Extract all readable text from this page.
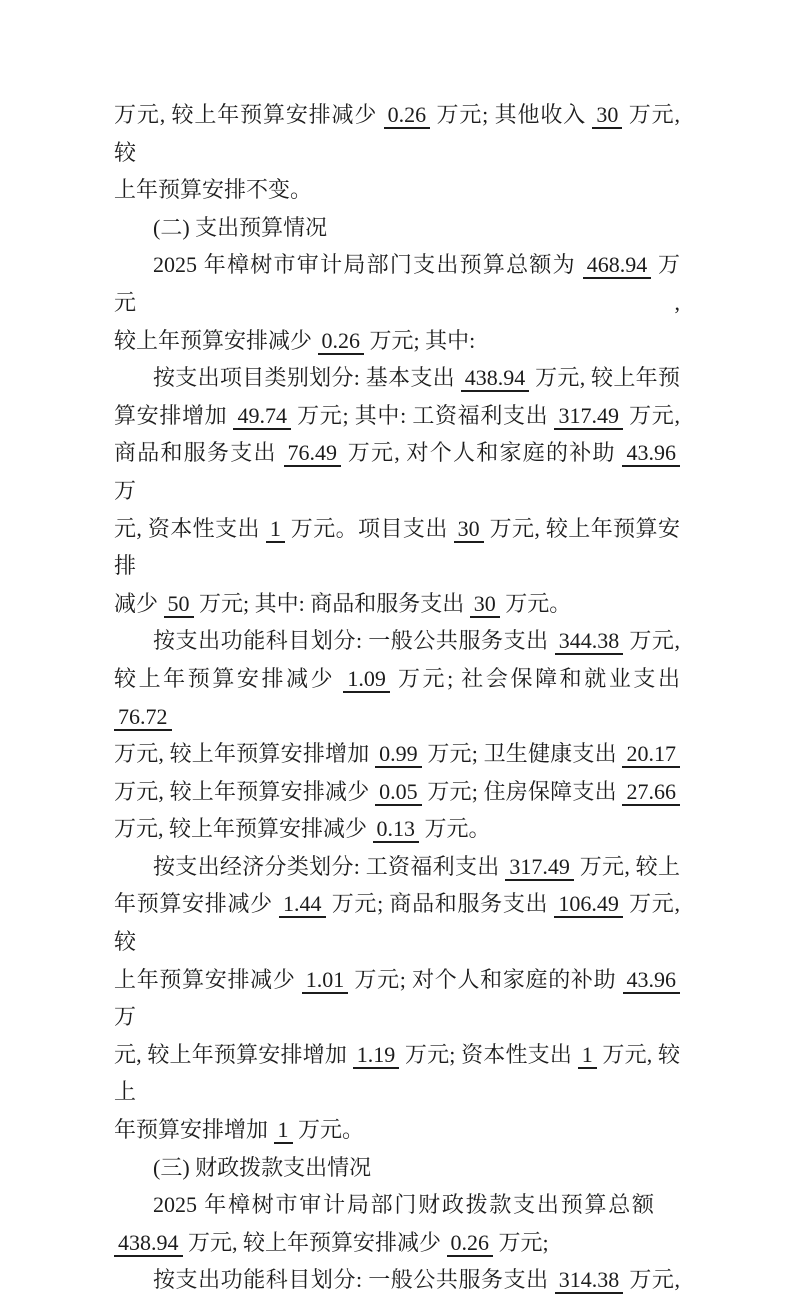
万元, 较上年预算安排减少 0.26 万元; 其他收入 30 万元, 较
上年预算安排不变。
(二) 支出预算情况
2025 年樟树市审计局部门支出预算总额为 468.94 万元,
较上年预算安排减少 0.26 万元; 其中:
按支出项目类别划分: 基本支出 438.94 万元, 较上年预
算安排增加 49.74 万元; 其中: 工资福利支出 317.49 万元,
商品和服务支出 76.49 万元, 对个人和家庭的补助 43.96 万
元, 资本性支出 1 万元。项目支出 30 万元, 较上年预算安排
减少 50 万元; 其中: 商品和服务支出 30 万元。
按支出功能科目划分: 一般公共服务支出 344.38 万元,
较上年预算安排减少 1.09 万元; 社会保障和就业支出 76.72
万元, 较上年预算安排增加 0.99 万元; 卫生健康支出 20.17
万元, 较上年预算安排减少 0.05 万元; 住房保障支出 27.66
万元, 较上年预算安排减少 0.13 万元。
按支出经济分类划分: 工资福利支出 317.49 万元, 较上
年预算安排减少 1.44 万元; 商品和服务支出 106.49 万元, 较
上年预算安排减少 1.01 万元; 对个人和家庭的补助 43.96 万
元, 较上年预算安排增加 1.19 万元; 资本性支出 1 万元, 较上
年预算安排增加 1 万元。
(三) 财政拨款支出情况
2025 年樟树市审计局部门财政拨款支出预算总额
438.94 万元, 较上年预算安排减少 0.26 万元;
按支出功能科目划分: 一般公共服务支出 314.38 万元,
